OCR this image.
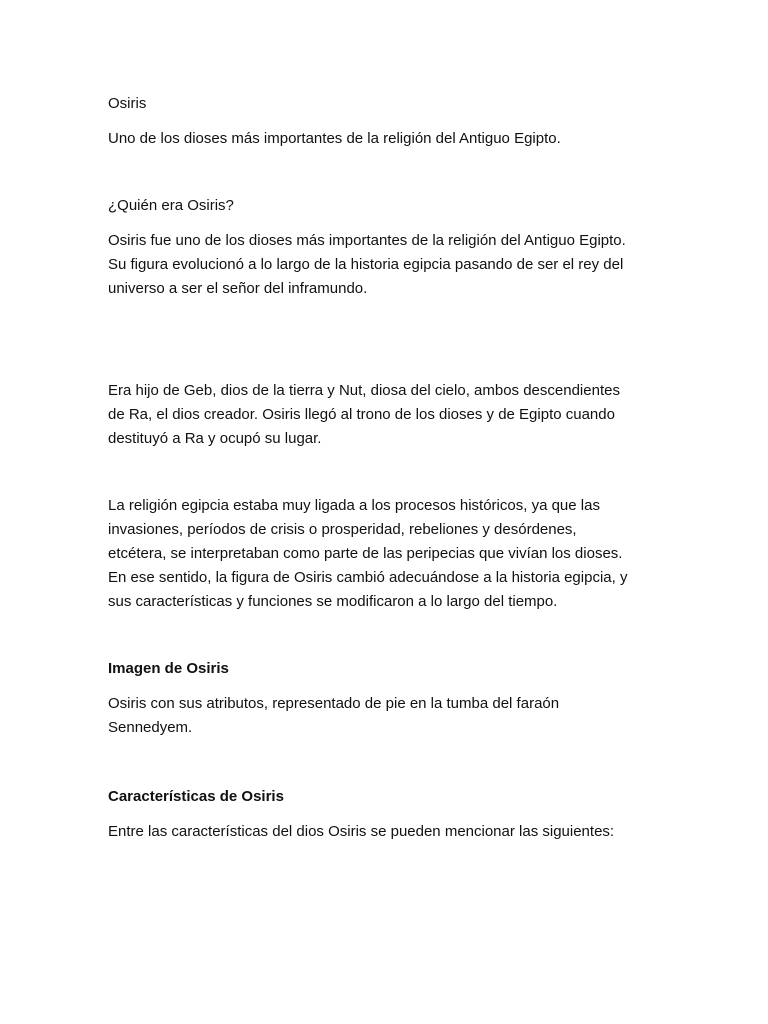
Osiris

Uno de los dioses más importantes de la religión del Antiguo Egipto.

¿Quién era Osiris?

Osiris fue uno de los dioses más importantes de la religión del Antiguo Egipto.

Su figura evolucionó a lo largo de la historia egipcia pasando de ser el rey del

universo a ser el señor del inframundo.

Era hijo de Geb, dios de la tierra y Nut, diosa del cielo, ambos descendientes

de Ra, el dios creador. Osiris llegó al trono de los dioses y de Egipto cuando

destituyó a Ra y ocupó su lugar.

La religión egipcia estaba muy ligada a los procesos históricos, ya que las

invasiones, períodos de crisis o prosperidad, rebeliones y desórdenes,

etcétera, se interpretaban como parte de las peripecias que vivían los dioses.

En ese sentido, la figura de Osiris cambió adecuándose a la historia egipcia, y

sus características y funciones se modificaron a lo largo del tiempo.

Imagen de Osiris

Osiris con sus atributos, representado de pie en la tumba del faraón

Sennedyem.

Características de Osiris

Entre las características del dios Osiris se pueden mencionar las siguientes:
